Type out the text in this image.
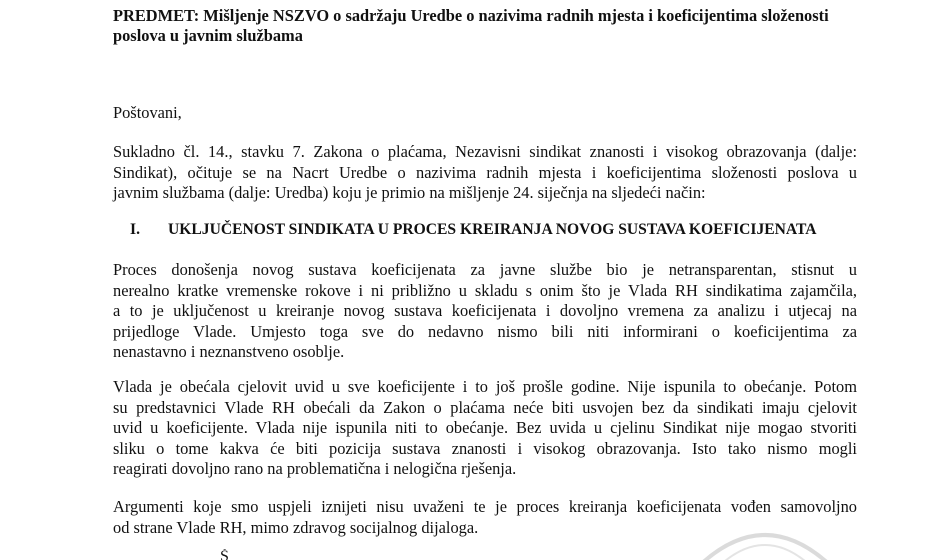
PREDMET: Mišljenje NSZVO o sadržaju Uredbe o nazivima radnih mjesta i koeficijentima složenosti poslova u javnim službama
Poštovani,
Sukladno čl. 14., stavku 7. Zakona o plaćama, Nezavisni sindikat znanosti i visokog obrazovanja (dalje:
Sindikat), očituje se na Nacrt Uredbe o nazivima radnih mjesta i koeficijentima složenosti poslova u
javnim službama (dalje: Uredba) koju je primio na mišljenje 24. siječnja na sljedeći način:
I. UKLJUČENOST SINDIKATA U PROCES KREIRANJA NOVOG SUSTAVA KOEFICIJENATA
Proces donošenja novog sustava koeficijenata za javne službe bio je netransparentan, stisnut u
nerealno kratke vremenske rokove i ni približno u skladu s onim što je Vlada RH sindikatima zajamčila,
a to je uključenost u kreiranje novog sustava koeficijenata i dovoljno vremena za analizu i utjecaj na
prijedloge Vlade. Umjesto toga sve do nedavno nismo bili niti informirani o koeficijentima za
nenastavno i neznanstveno osoblje.
Vlada je obećala cjelovit uvid u sve koeficijente i to još prošle godine. Nije ispunila to obećanje. Potom
su predstavnici Vlade RH obećali da Zakon o plaćama neće biti usvojen bez da sindikati imaju cjelovit
uvid u koeficijente. Vlada nije ispunila niti to obećanje. Bez uvida u cjelinu Sindikat nije mogao stvoriti
sliku o tome kakva će biti pozicija sustava znanosti i visokog obrazovanja. Isto tako nismo mogli
reagirati dovoljno rano na problematična i nelogična rješenja.
Argumenti koje smo uspjeli iznijeti nisu uvaženi te je proces kreiranja koeficijenata vođen samovoljno
od strane Vlade RH, mimo zdravog socijalnog dijaloga.
Š
